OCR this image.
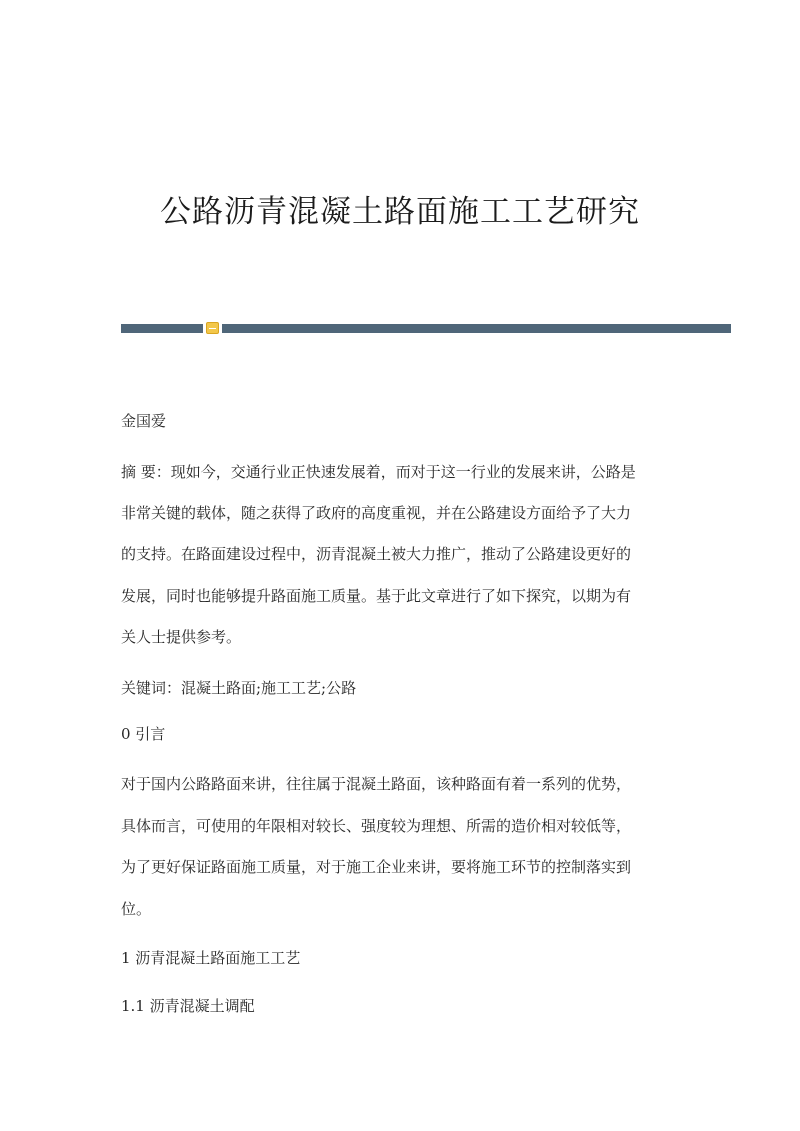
公路沥青混凝土路面施工工艺研究
金国爱
摘 要：现如今，交通行业正快速发展着，而对于这一行业的发展来讲，公路是
非常关键的载体，随之获得了政府的高度重视，并在公路建设方面给予了大力
的支持。在路面建设过程中，沥青混凝土被大力推广，推动了公路建设更好的
发展，同时也能够提升路面施工质量。基于此文章进行了如下探究，以期为有
关人士提供参考。
关键词：混凝土路面;施工工艺;公路
0 引言
对于国内公路路面来讲，往往属于混凝土路面，该种路面有着一系列的优势，
具体而言，可使用的年限相对较长、强度较为理想、所需的造价相对较低等，
为了更好保证路面施工质量，对于施工企业来讲，要将施工环节的控制落实到
位。
1 沥青混凝土路面施工工艺
1.1 沥青混凝土调配
